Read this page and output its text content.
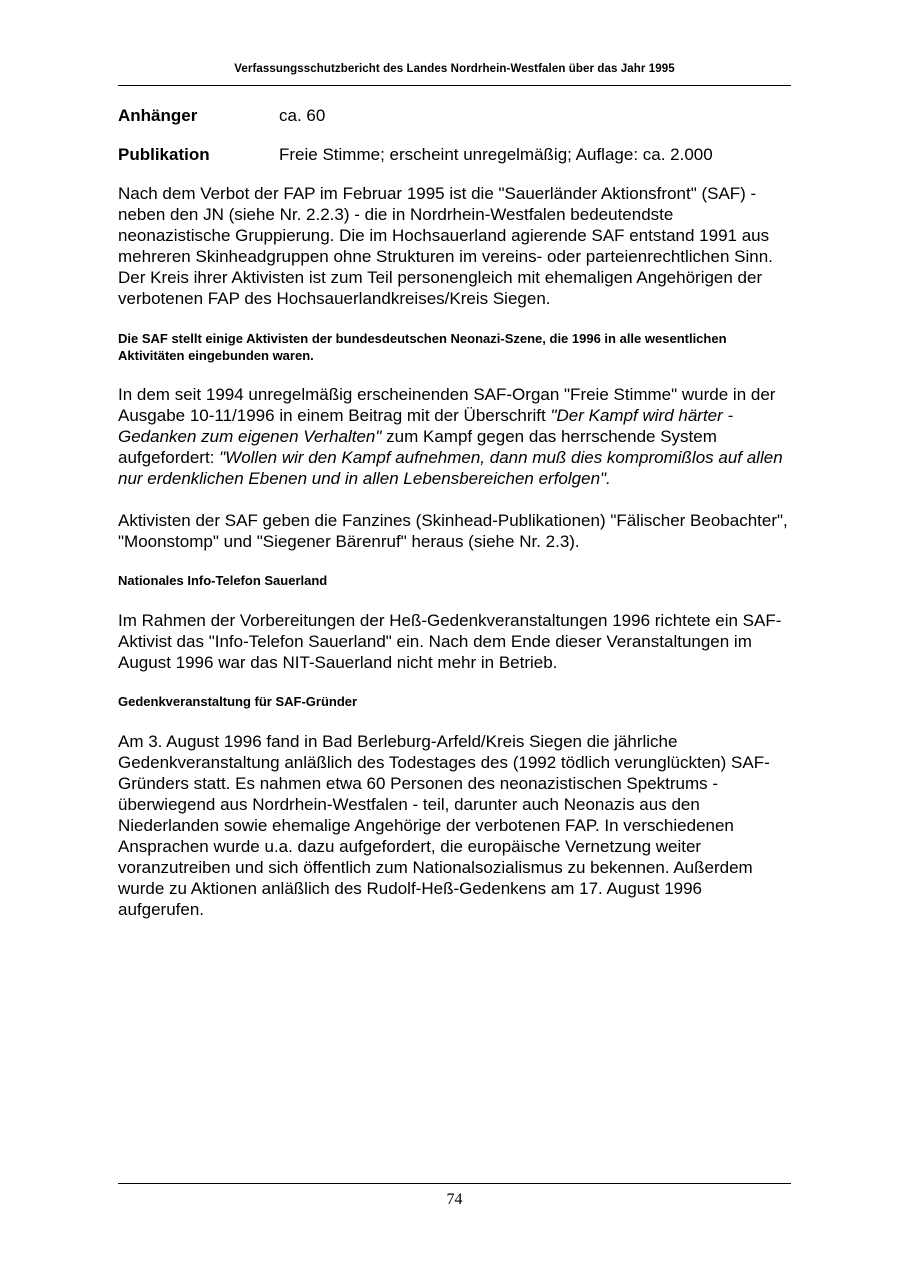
Verfassungsschutzbericht des Landes Nordrhein-Westfalen über das Jahr 1995
Anhänger	ca. 60
Publikation	Freie Stimme; erscheint unregelmäßig; Auflage: ca. 2.000

Nach dem Verbot der FAP im Februar 1995 ist die "Sauerländer Aktionsfront" (SAF) - neben den JN (siehe Nr. 2.2.3) - die in Nordrhein-Westfalen bedeutendste neonazistische Gruppierung. Die im Hochsauerland agierende SAF entstand 1991 aus mehreren Skinheadgruppen ohne Strukturen im vereins- oder parteienrechtlichen Sinn. Der Kreis ihrer Aktivisten ist zum Teil personengleich mit ehemaligen Angehörigen der verbotenen FAP des Hochsauerlandkreises/Kreis Siegen.

Die SAF stellt einige Aktivisten der bundesdeutschen Neonazi-Szene, die 1996 in alle wesentlichen Aktivitäten eingebunden waren.

In dem seit 1994 unregelmäßig erscheinenden SAF-Organ "Freie Stimme" wurde in der Ausgabe 10-11/1996 in einem Beitrag mit der Überschrift "Der Kampf wird härter - Gedanken zum eigenen Verhalten" zum Kampf gegen das herrschende System aufgefordert: "Wollen wir den Kampf aufnehmen, dann muß dies kompromißlos auf allen nur erdenklichen Ebenen und in allen Lebensbereichen erfolgen".

Aktivisten der SAF geben die Fanzines (Skinhead-Publikationen) "Fälischer Beobachter", "Moonstomp" und "Siegener Bärenruf" heraus (siehe Nr. 2.3).

Nationales Info-Telefon Sauerland

Im Rahmen der Vorbereitungen der Heß-Gedenkveranstaltungen 1996 richtete ein SAF- Aktivist das "Info-Telefon Sauerland" ein. Nach dem Ende dieser Veranstaltungen im August 1996 war das NIT-Sauerland nicht mehr in Betrieb.

Gedenkveranstaltung für SAF-Gründer

Am 3. August 1996 fand in Bad Berleburg-Arfeld/Kreis Siegen die jährliche Gedenkveranstaltung anläßlich des Todestages des (1992 tödlich verunglückten) SAF- Gründers statt. Es nahmen etwa 60 Personen des neonazistischen Spektrums - überwiegend aus Nordrhein-Westfalen - teil, darunter auch Neonazis aus den Niederlanden sowie ehemalige Angehörige der verbotenen FAP. In verschiedenen Ansprachen wurde u.a. dazu aufgefordert, die europäische Vernetzung weiter voranzutreiben und sich öffentlich zum Nationalsozialismus zu bekennen. Außerdem wurde zu Aktionen anläßlich des Rudolf-Heß-Gedenkens am 17. August 1996 aufgerufen.

74
